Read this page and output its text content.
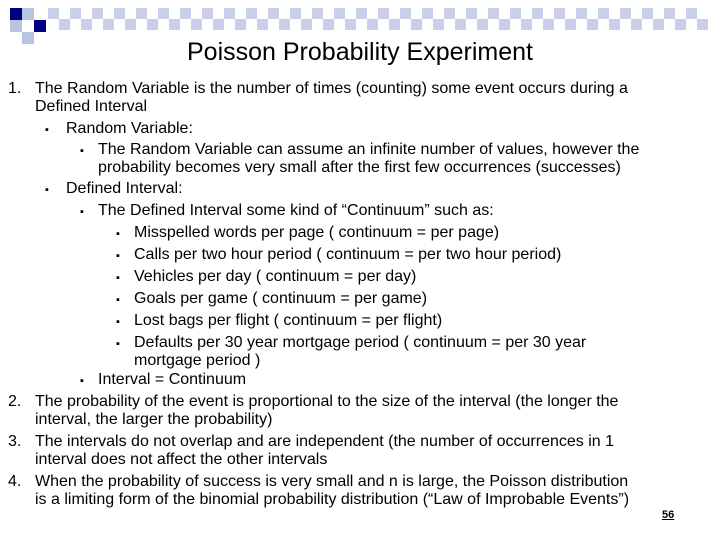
Poisson Probability Experiment
1. The Random Variable is the number of times (counting) some event occurs during a
Defined Interval
▪ Random Variable:
▪ The Random Variable can assume an infinite number of values, however the
probability becomes very small after the first few occurrences (successes)
▪ Defined Interval:
▪ The Defined Interval some kind of “Continuum” such as:
▪ Misspelled words per page ( continuum = per page)
▪ Calls per two hour period ( continuum = per two hour period)
▪ Vehicles per day ( continuum = per day)
▪ Goals per game ( continuum = per game)
▪ Lost bags per flight ( continuum = per flight)
▪ Defaults per 30 year mortgage period ( continuum = per 30 year
mortgage period )
▪ Interval = Continuum
2. The probability of the event is proportional to the size of the interval (the longer the
interval, the larger the probability)
3. The intervals do not overlap and are independent (the number of occurrences in 1
interval does not affect the other intervals
4. When the probability of success is very small and n is large, the Poisson distribution
is a limiting form of the binomial probability distribution (“Law of Improbable Events”)
56
